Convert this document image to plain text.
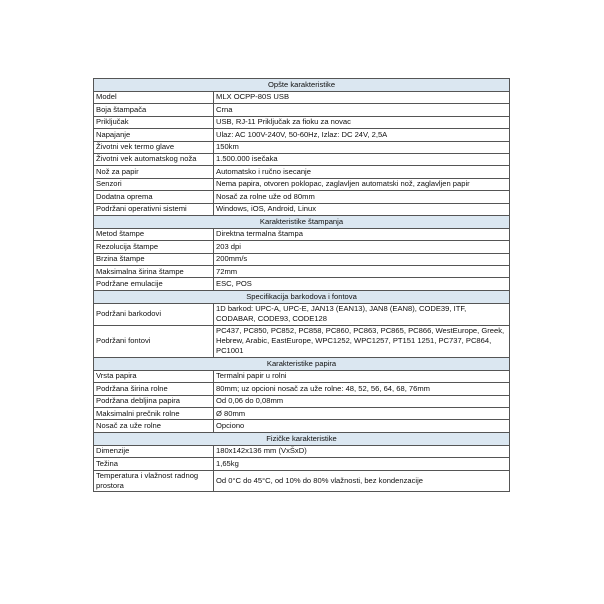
Opšte karakteristike	
Model	MLX OCPP-80S USB
Boja štampača	Crna
Priključak	USB, RJ-11 Priključak za fioku za novac
Napajanje	Ulaz: AC 100V-240V, 50-60Hz, Izlaz: DC 24V, 2,5A
Životni vek termo glave	150km
Životni vek automatskog noža	1.500.000 isečaka
Nož za papir	Automatsko i ručno isecanje
Senzori	Nema papira, otvoren poklopac, zaglavljen automatski nož, zaglavljen papir
Dodatna oprema	Nosač za rolne uže od 80mm
Podržani operativni sistemi	Windows, iOS, Android, Linux
Karakteristike štampanja	
Metod štampe	Direktna termalna štampa
Rezolucija štampe	203 dpi
Brzina štampe	200mm/s
Maksimalna širina štampe	72mm
Podržane emulacije	ESC, POS
Specifikacija barkodova i fontova	
Podržani barkodovi	1D barkod: UPC-A, UPC-E, JAN13 (EAN13), JAN8 (EAN8), CODE39, ITF, CODABAR, CODE93, CODE128
Podržani fontovi	PC437, PC850, PC852, PC858, PC860, PC863, PC865, PC866, WestEurope, Greek, Hebrew, Arabic, EastEurope, WPC1252, WPC1257, PT151 1251, PC737, PC864, PC1001
Karakteristike papira	
Vrsta papira	Termalni papir u rolni
Podržana širina rolne	80mm; uz opcioni nosač za uže rolne: 48, 52, 56, 64, 68, 76mm
Podržana debljina papira	Od 0,06 do 0,08mm
Maksimalni prečnik rolne	Ø 80mm
Nosač za uže rolne	Opciono
Fizičke karakteristike	
Dimenzije	180x142x136 mm (VxŠxD)
Težina	1,65kg
Temperatura i vlažnost radnog prostora	Od 0°C do 45°C, od 10% do 80% vlažnosti, bez kondenzacije
